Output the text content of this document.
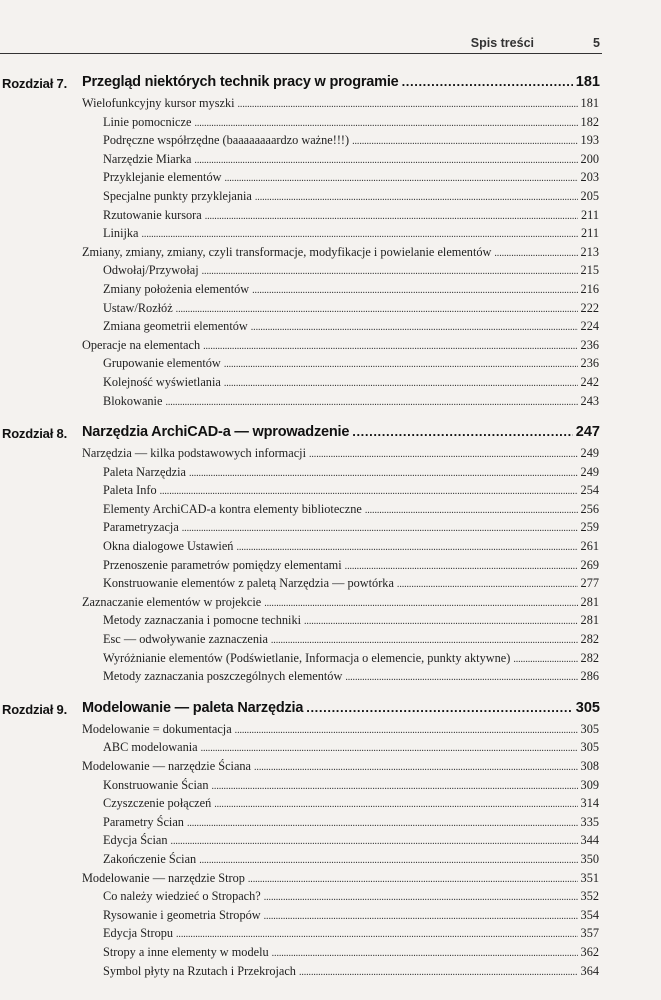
Spis treści	5
Rozdział 7. Przegląd niektórych technik pracy w programie . . .	181
Wielofunkcyjny kursor myszki . . .	181
Linie pomocnicze . . .	182
Podręczne współrzędne (baaaaaaaardzo ważne!!!) . . .	193
Narzędzie Miarka . . .	200
Przyklejanie elementów . . .	203
Specjalne punkty przyklejania . . .	205
Rzutowanie kursora . . .	211
Linijka . . .	211
Zmiany, zmiany, zmiany, czyli transformacje, modyfikacje i powielanie elementów . . .	213
Odwołaj/Przywołaj . . .	215
Zmiany położenia elementów . . .	216
Ustaw/Rozłóż . . .	222
Zmiana geometrii elementów . . .	224
Operacje na elementach . . .	236
Grupowanie elementów . . .	236
Kolejność wyświetlania . . .	242
Blokowanie . . .	243
Rozdział 8. Narzędzia ArchiCAD-a — wprowadzenie . . .	247
Narzędzia — kilka podstawowych informacji . . .	249
Paleta Narzędzia . . .	249
Paleta Info . . .	254
Elementy ArchiCAD-a kontra elementy biblioteczne . . .	256
Parametryzacja . . .	259
Okna dialogowe Ustawień . . .	261
Przenoszenie parametrów pomiędzy elementami . . .	269
Konstruowanie elementów z paletą Narzędzia — powtórka . . .	277
Zaznaczanie elementów w projekcie . . .	281
Metody zaznaczania i pomocne techniki . . .	281
Esc — odwoływanie zaznaczenia . . .	282
Wyróżnianie elementów (Podświetlanie, Informacja o elemencie, punkty aktywne) . . .	282
Metody zaznaczania poszczególnych elementów . . .	286
Rozdział 9. Modelowanie — paleta Narzędzia . . .	305
Modelowanie = dokumentacja . . .	305
ABC modelowania . . .	305
Modelowanie — narzędzie Ściana . . .	308
Konstruowanie Ścian . . .	309
Czyszczenie połączeń . . .	314
Parametry Ścian . . .	335
Edycja Ścian . . .	344
Zakończenie Ścian . . .	350
Modelowanie — narzędzie Strop . . .	351
Co należy wiedzieć o Stropach? . . .	352
Rysowanie i geometria Stropów . . .	354
Edycja Stropu . . .	357
Stropy a inne elementy w modelu . . .	362
Symbol płyty na Rzutach i Przekrojach . . .	364
